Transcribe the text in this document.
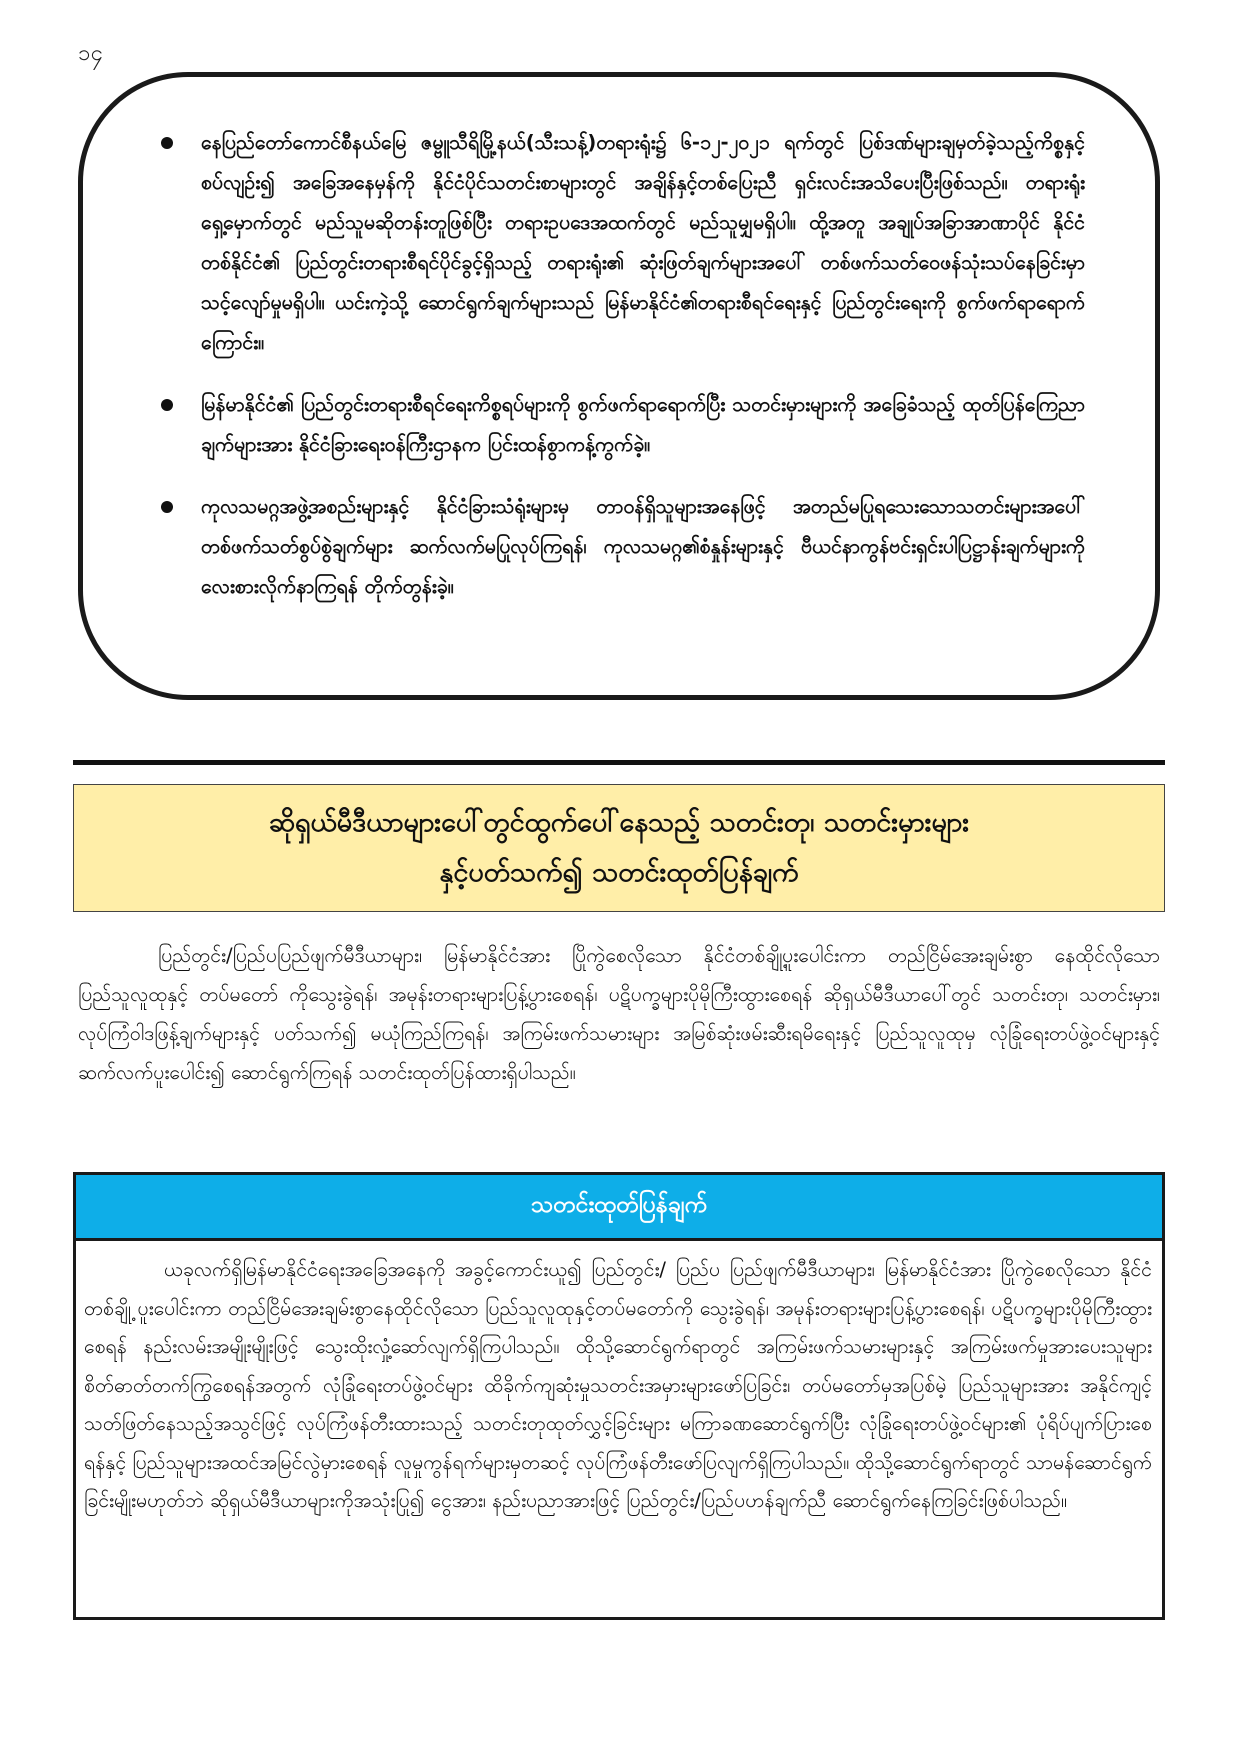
၁၄
နေပြည်တော်ကောင်စီနယ်မြေ ဇမ္ဗူသီရိမြို့နယ်(သီးသန့်)တရားရုံး၌ ၆-၁၂-၂၀၂၁ ရက်တွင် ပြစ်ဒဏ်များချမှတ်ခဲ့သည့်ကိစ္စနှင့်စပ်လျဉ်း၍ အခြေအနေမှန်ကို နိုင်ငံပိုင်သတင်းစာများတွင် အချိန်နှင့်တစ်ပြေးညီ ရှင်းလင်းအသိပေးပြီးဖြစ်သည်။ တရားရုံးရှေ့မှောက်တွင် မည်သူမဆိုတန်းတူဖြစ်ပြီး တရားဥပဒေအထက်တွင် မည်သူမျှမရှိပါ။ ထို့အတူ အချုပ်အခြာအာဏာပိုင် နိုင်ငံတစ်နိုင်ငံ၏ ပြည်တွင်းတရားစီရင်ပိုင်ခွင့်ရှိသည့် တရားရုံး၏ ဆုံးဖြတ်ချက်များအပေါ် တစ်ဖက်သတ်ဝေဖန်သုံးသပ်နေခြင်းမှာ သင့်လျော်မှုမရှိပါ။ ယင်းကဲ့သို့ ဆောင်ရွက်ချက်များသည် မြန်မာနိုင်ငံ၏တရားစီရင်ရေးနှင့် ပြည်တွင်းရေးကို စွက်ဖက်ရာရောက်ကြောင်း။
မြန်မာနိုင်ငံ၏ ပြည်တွင်းတရားစီရင်ရေးကိစ္စရပ်များကို စွက်ဖက်ရာရောက်ပြီး သတင်းမှားများကို အခြေခံသည့် ထုတ်ပြန်ကြေညာချက်များအား နိုင်ငံခြားရေးဝန်ကြီးဌာနက ပြင်းထန်စွာကန့်ကွက်ခဲ့။
ကုလသမဂ္ဂအဖွဲ့အစည်းများနှင့် နိုင်ငံခြားသံရုံးများမှ တာဝန်ရှိသူများအနေဖြင့် အတည်မပြုရသေးသောသတင်းများအပေါ် တစ်ဖက်သတ်စွပ်စွဲချက်များ ဆက်လက်မပြုလုပ်ကြရန်၊ ကုလသမဂ္ဂ၏စံနှုန်းများနှင့် ဗီယင်နာကွန်ဗင်းရှင်းပါပြဋ္ဌာန်းချက်များကို လေးစားလိုက်နာကြရန် တိုက်တွန်းခဲ့။
ဆိုရှယ်မီဒီယာများပေါ်တွင်ထွက်ပေါ်နေသည့် သတင်းတု၊ သတင်းမှားများ
နှင့်ပတ်သက်၍ သတင်းထုတ်ပြန်ချက်

ပြည်တွင်း/ပြည်ပပြည်ဖျက်မီဒီယာများ၊ မြန်မာနိုင်ငံအား ပြိုကွဲစေလိုသော နိုင်ငံတစ်ချို့ပူးပေါင်းကာ တည်ငြိမ်အေးချမ်းစွာ နေထိုင်လိုသော ပြည်သူလူထုနှင့် တပ်မတော် ကိုသွေးခွဲရန်၊ အမုန်းတရားများပြန့်ပွားစေရန်၊ ပဋိပက္ခများပိုမိုကြီးထွားစေရန် ဆိုရှယ်မီဒီယာပေါ်တွင် သတင်းတု၊ သတင်းမှား၊ လုပ်ကြံဝါဒဖြန့်ချက်များနှင့် ပတ်သက်၍ မယုံကြည်ကြရန်၊ အကြမ်းဖက်သမားများ အမြစ်ဆုံးဖမ်းဆီးရမိရေးနှင့် ပြည်သူလူထုမှ လုံခြုံရေးတပ်ဖွဲ့ဝင်များနှင့်ဆက်လက်ပူးပေါင်း၍ ဆောင်ရွက်ကြရန် သတင်းထုတ်ပြန်ထားရှိပါသည်။

သတင်းထုတ်ပြန်ချက်

ယခုလက်ရှိမြန်မာနိုင်ငံရေးအခြေအနေကို အခွင့်ကောင်းယူ၍ ပြည်တွင်း/ ပြည်ပ ပြည်ဖျက်မီဒီယာများ၊ မြန်မာနိုင်ငံအား ပြိုကွဲစေလိုသော နိုင်ငံတစ်ချို့ ပူးပေါင်းကာ တည်ငြိမ်အေးချမ်းစွာနေထိုင်လိုသော ပြည်သူလူထုနှင့်တပ်မတော်ကို သွေးခွဲရန်၊ အမုန်းတရားများပြန့်ပွားစေရန်၊ ပဋိပက္ခများပိုမိုကြီးထွားစေရန် နည်းလမ်းအမျိုးမျိုးဖြင့် သွေးထိုးလှုံ့ဆော်လျက်ရှိကြပါသည်။ ထိုသို့ဆောင်ရွက်ရာတွင် အကြမ်းဖက်သမားများနှင့် အကြမ်းဖက်မှုအားပေးသူများ စိတ်ဓာတ်တက်ကြွစေရန်အတွက် လုံခြုံရေးတပ်ဖွဲ့ဝင်များ ထိခိုက်ကျဆုံးမှုသတင်းအမှားများဖော်ပြခြင်း၊ တပ်မတော်မှအပြစ်မဲ့ ပြည်သူများအား အနိုင်ကျင့်သတ်ဖြတ်နေသည့်အသွင်ဖြင့် လုပ်ကြံဖန်တီးထားသည့် သတင်းတုထုတ်လွှင့်ခြင်းများ မကြာခဏဆောင်ရွက်ပြီး လုံခြုံရေးတပ်ဖွဲ့ဝင်များ၏ ပုံရိပ်ပျက်ပြားစေရန်နှင့် ပြည်သူများအထင်အမြင်လွဲမှားစေရန် လူမှုကွန်ရက်များမှတဆင့် လုပ်ကြံဖန်တီးဖော်ပြလျက်ရှိကြပါသည်။ ထိုသို့ဆောင်ရွက်ရာတွင် သာမန်ဆောင်ရွက်ခြင်းမျိုးမဟုတ်ဘဲ ဆိုရှယ်မီဒီယာများကိုအသုံးပြု၍ ငွေအား၊ နည်းပညာအားဖြင့် ပြည်တွင်း/ပြည်ပဟန်ချက်ညီ ဆောင်ရွက်နေကြခြင်းဖြစ်ပါသည်။
